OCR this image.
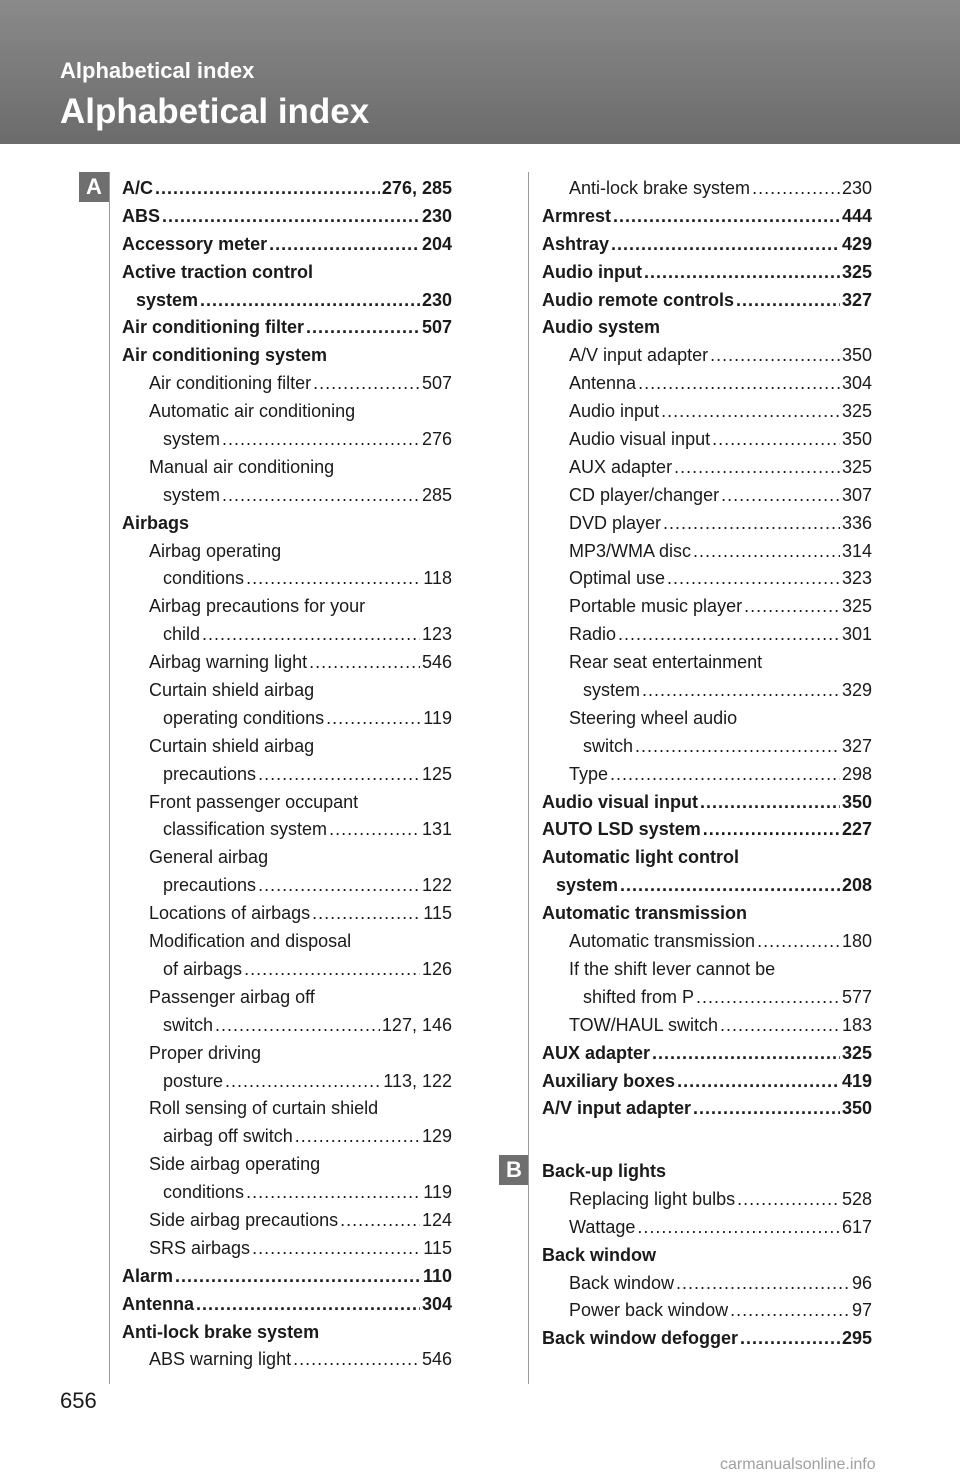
Alphabetical index
Alphabetical index
A
B
A/C .....	276, 285
ABS .....	230
Accessory meter .....	204
Active traction control
system .....	230
Air conditioning filter .....	507
Air conditioning system
Air conditioning filter .....	507
Automatic air conditioning
system .....	276
Manual air conditioning
system .....	285
Airbags
Airbag operating
conditions .....	118
Airbag precautions for your
child .....	123
Airbag warning light .....	546
Curtain shield airbag
operating conditions .....	119
Curtain shield airbag
precautions .....	125
Front passenger occupant
classification system .....	131
General airbag
precautions .....	122
Locations of airbags .....	115
Modification and disposal
of airbags .....	126
Passenger airbag off
switch .....	127, 146
Proper driving
posture .....	113, 122
Roll sensing of curtain shield
airbag off switch .....	129
Side airbag operating
conditions .....	119
Side airbag precautions .....	124
SRS airbags .....	115
Alarm .....	110
Antenna .....	304
Anti-lock brake system
ABS warning light .....	546
Anti-lock brake system .....	230
Armrest .....	444
Ashtray .....	429
Audio input .....	325
Audio remote controls .....	327
Audio system
A/V input adapter .....	350
Antenna .....	304
Audio input .....	325
Audio visual input .....	350
AUX adapter .....	325
CD player/changer .....	307
DVD player .....	336
MP3/WMA disc .....	314
Optimal use .....	323
Portable music player .....	325
Radio .....	301
Rear seat entertainment
system .....	329
Steering wheel audio
switch .....	327
Type .....	298
Audio visual input .....	350
AUTO LSD system .....	227
Automatic light control
system .....	208
Automatic transmission
Automatic transmission .....	180
If the shift lever cannot be
shifted from P .....	577
TOW/HAUL switch .....	183
AUX adapter .....	325
Auxiliary boxes .....	419
A/V input adapter .....	350
Back-up lights
Replacing light bulbs .....	528
Wattage .....	617
Back window
Back window .....	96
Power back window .....	97
Back window defogger .....	295
656
carmanualsonline.info
